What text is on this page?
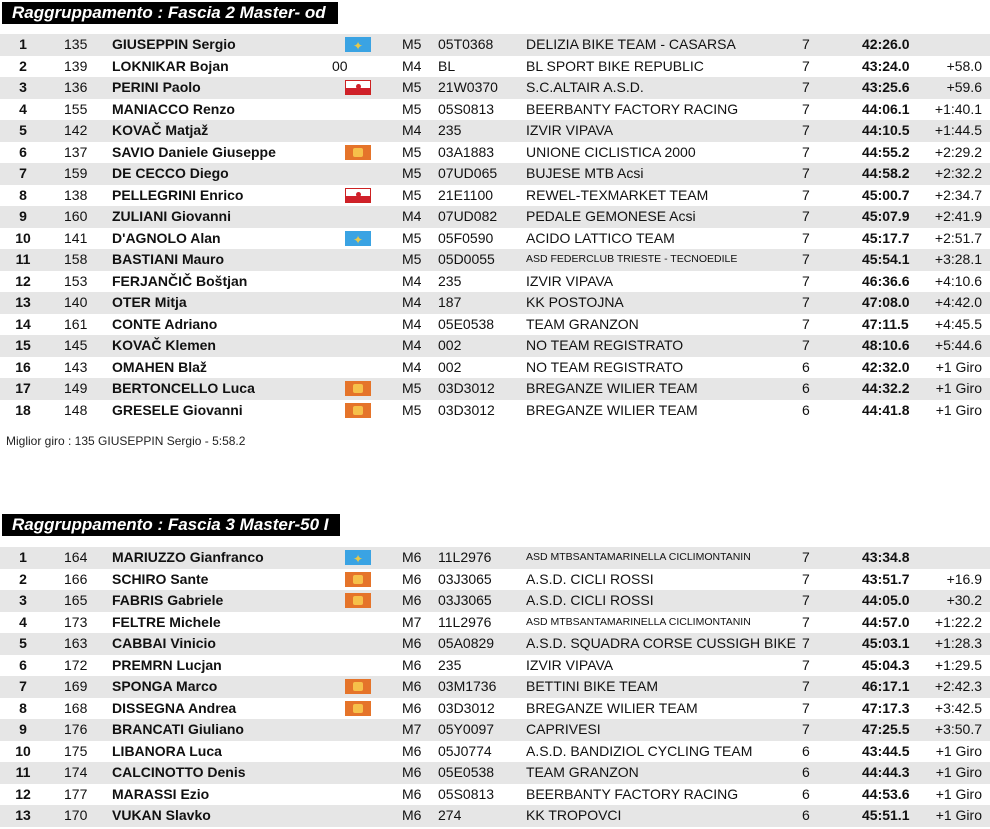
Raggruppamento : Fascia 2 Master- od
1	135 GIUSEPPIN Sergio	M5 05T0368 DELIZIA BIKE TEAM - CASARSA	7	42:26.0
✦
2	139 LOKNIKAR Bojan	M4 BL	BL SPORT BIKE REPUBLIC	7	43:24.0	+58.0
00
3	136 PERINI Paolo	M5 21W0370 S.C.ALTAIR A.S.D.	7	43:25.6	+59.6
4	155 MANIACCO Renzo	M5 05S0813 BEERBANTY FACTORY RACING	7	44:06.1 +1:40.1
5	142 KOVAČ Matjaž	M4 235	IZVIR VIPAVA	7	44:10.5 +1:44.5
6	137 SAVIO Daniele Giuseppe	M5 03A1883 UNIONE CICLISTICA 2000	7	44:55.2 +2:29.2
7	159 DE CECCO Diego	M5 07UD065 BUJESE MTB Acsi	7	44:58.2 +2:32.2
8	138 PELLEGRINI Enrico	M5 21E1100 REWEL-TEXMARKET TEAM	7	45:00.7 +2:34.7
9	160 ZULIANI Giovanni	M4 07UD082 PEDALE GEMONESE Acsi	7	45:07.9 +2:41.9
10	141 D'AGNOLO Alan	M5 05F0590 ACIDO LATTICO TEAM	7	45:17.7 +2:51.7
✦
11	158 BASTIANI Mauro	M5 05D0055	ASD FEDERCLUB TRIESTE - TECNOEDILE	7	45:54.1 +3:28.1
12	153 FERJANČIČ Boštjan	M4 235	IZVIR VIPAVA	7	46:36.6 +4:10.6
13	140 OTER Mitja	M4 187	KK POSTOJNA	7	47:08.0 +4:42.0
14	161 CONTE Adriano	M4 05E0538 TEAM GRANZON	7	47:11.5 +4:45.5
15	145 KOVAČ Klemen	M4 002	NO TEAM REGISTRATO	7	48:10.6 +5:44.6
16	143 OMAHEN Blaž	M4 002	NO TEAM REGISTRATO	6	42:32.0 +1 Giro
17	149 BERTONCELLO Luca	M5 03D3012 BREGANZE WILIER TEAM	6	44:32.2 +1 Giro
18	148 GRESELE Giovanni	M5 03D3012 BREGANZE WILIER TEAM	6	44:41.8 +1 Giro
Miglior giro : 135 GIUSEPPIN Sergio - 5:58.2
Raggruppamento : Fascia 3 Master-50 I
1	164 MARIUZZO Gianfranco	M6 11L2976	ASD MTBSANTAMARINELLA CICLIMONTANIN	7	43:34.8
✦
2	166 SCHIRO Sante	M6 03J3065 A.S.D. CICLI ROSSI	7	43:51.7	+16.9
3	165 FABRIS Gabriele	M6 03J3065 A.S.D. CICLI ROSSI	7	44:05.0	+30.2
4	173 FELTRE Michele	M7 11L2976	ASD MTBSANTAMARINELLA CICLIMONTANIN	7	44:57.0 +1:22.2
5	163 CABBAI Vinicio	M6 05A0829 A.S.D. SQUADRA CORSE CUSSIGH BIKE 7	45:03.1 +1:28.3
6	172 PREMRN Lucjan	M6 235	IZVIR VIPAVA	7	45:04.3 +1:29.5
7	169 SPONGA Marco	M6 03M1736 BETTINI BIKE TEAM	7	46:17.1 +2:42.3
8	168 DISSEGNA Andrea	M6 03D3012 BREGANZE WILIER TEAM	7	47:17.3 +3:42.5
9	176 BRANCATI Giuliano	M7 05Y0097 CAPRIVESI	7	47:25.5 +3:50.7
10	175 LIBANORA Luca	M6 05J0774 A.S.D. BANDIZIOL CYCLING TEAM	6	43:44.5 +1 Giro
11	174 CALCINOTTO Denis	M6 05E0538 TEAM GRANZON	6	44:44.3 +1 Giro
12	177 MARASSI Ezio	M6 05S0813 BEERBANTY FACTORY RACING	6	44:53.6 +1 Giro
13	170 VUKAN Slavko	M6 274	KK TROPOVCI	6	45:51.1 +1 Giro
